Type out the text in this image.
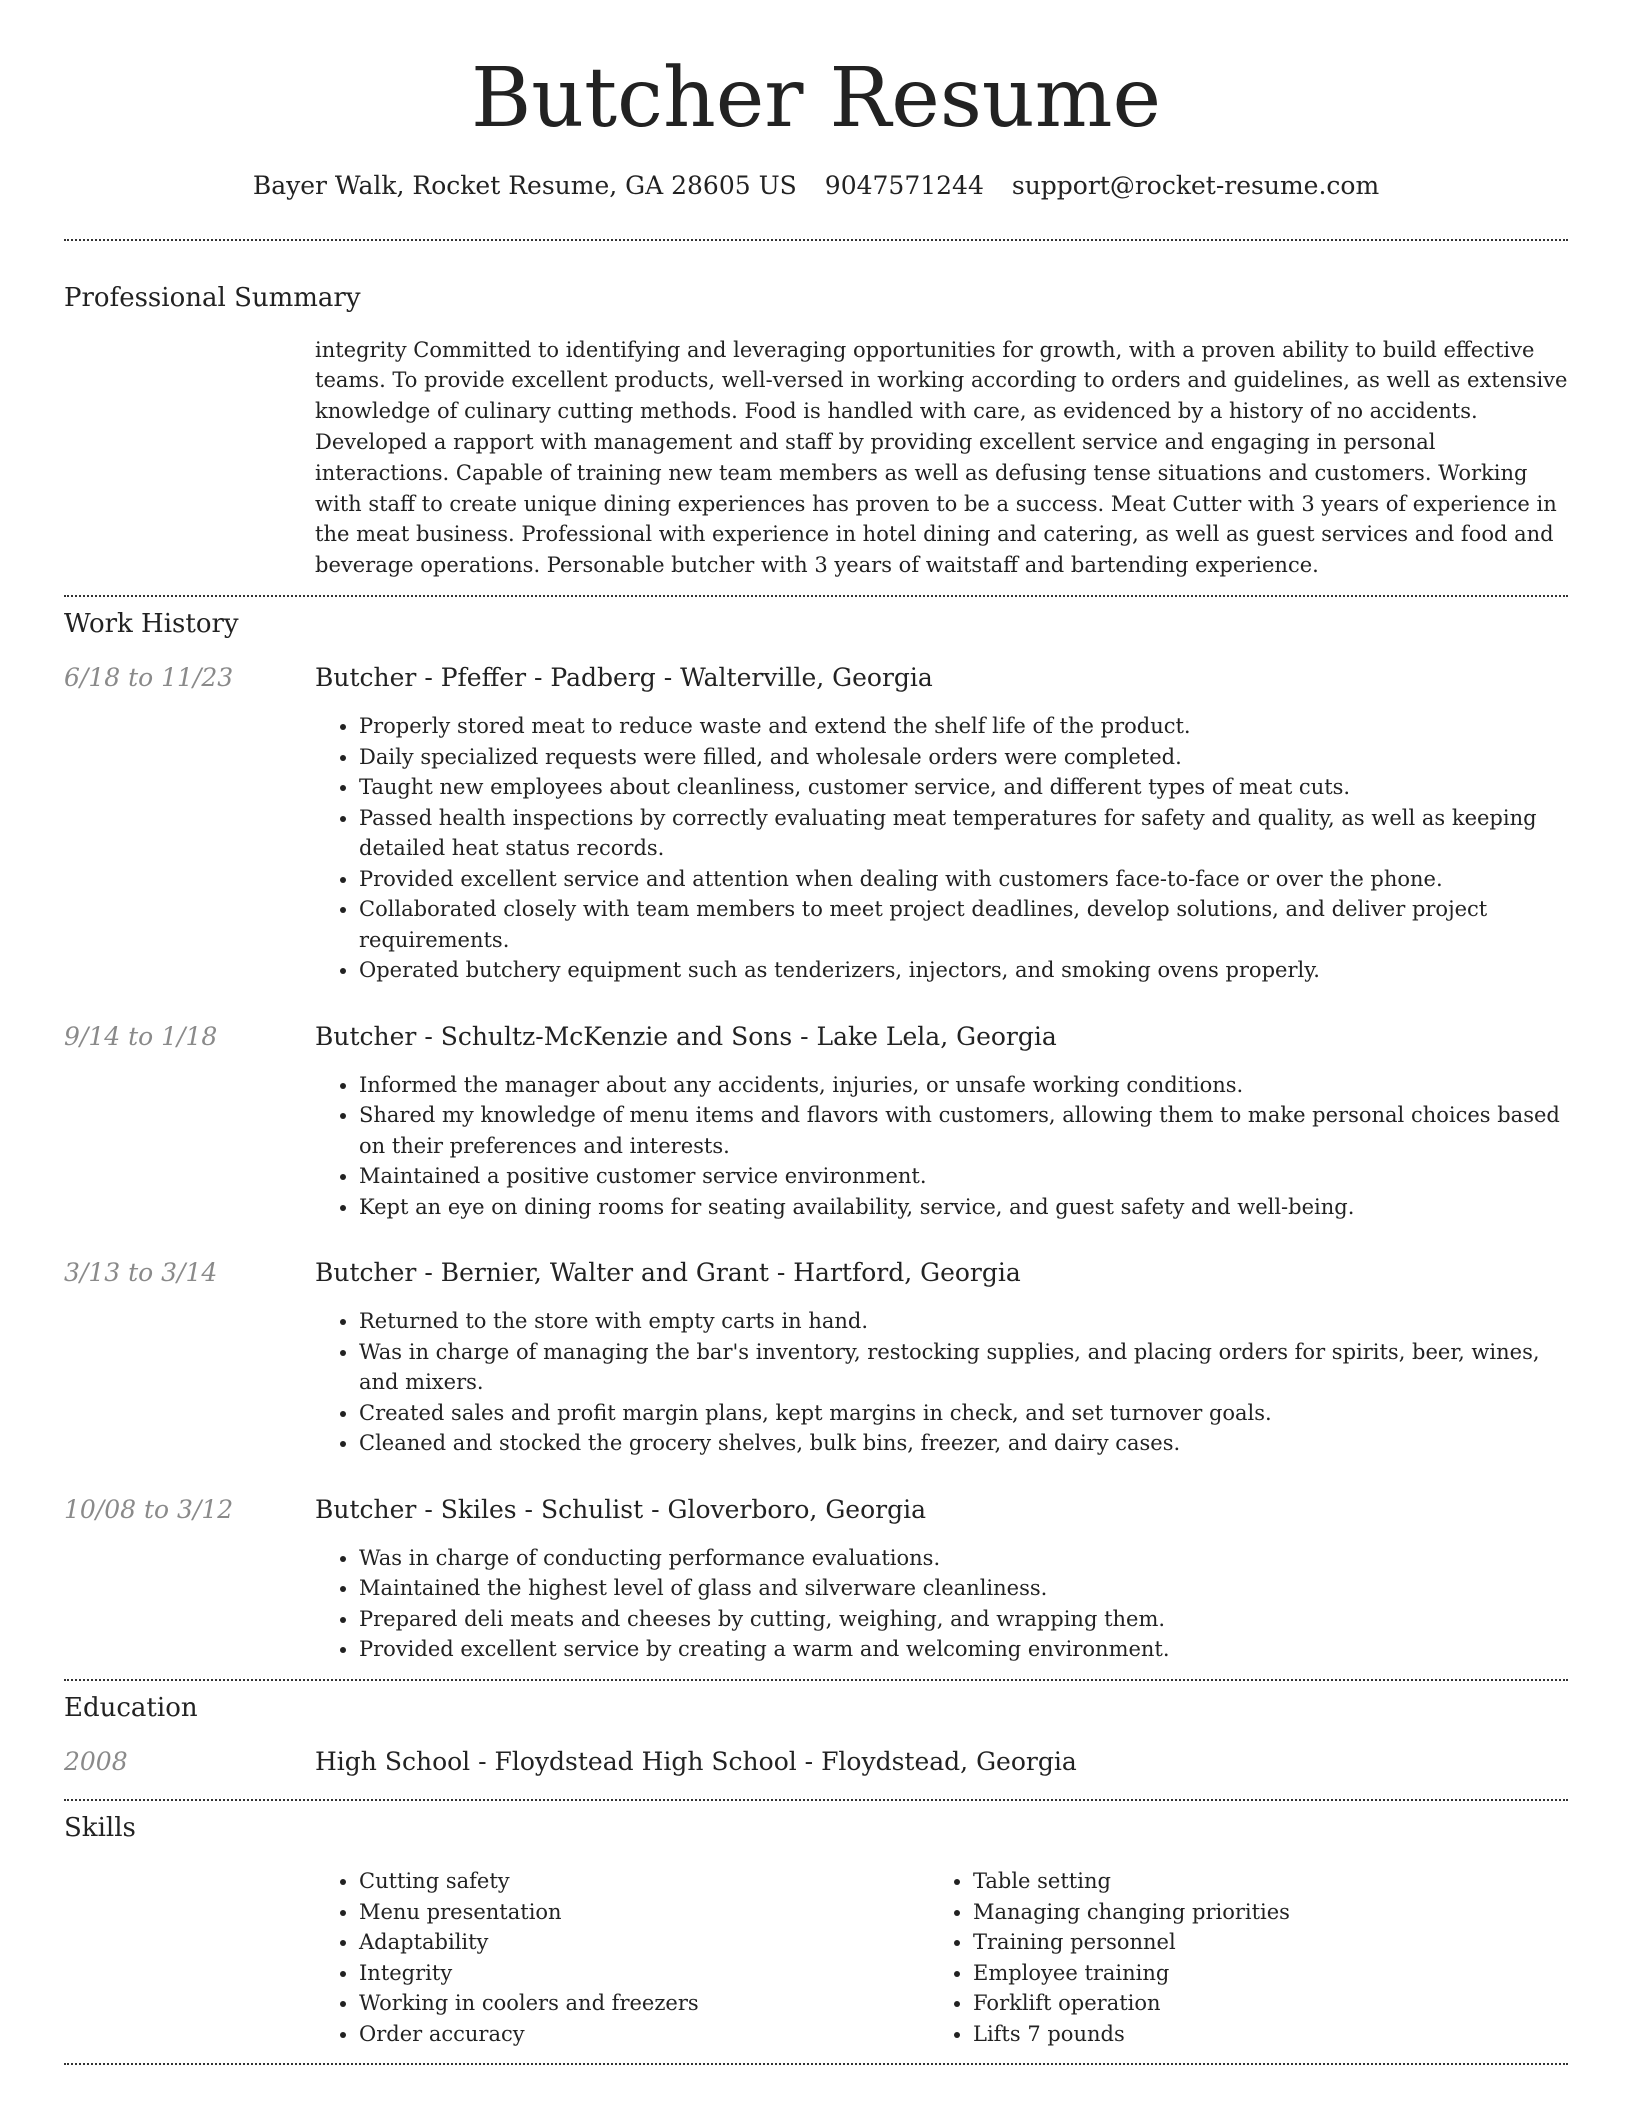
Butcher Resume
Bayer Walk, Rocket Resume, GA 28605 US 9047571244 support@rocket-resume.com
Professional Summary
integrity Committed to identifying and leveraging opportunities for growth, with a proven ability to build effective teams. To provide excellent products, well-versed in working according to orders and guidelines, as well as extensive knowledge of culinary cutting methods. Food is handled with care, as evidenced by a history of no accidents. Developed a rapport with management and staff by providing excellent service and engaging in personal interactions. Capable of training new team members as well as defusing tense situations and customers. Working with staff to create unique dining experiences has proven to be a success. Meat Cutter with 3 years of experience in the meat business. Professional with experience in hotel dining and catering, as well as guest services and food and beverage operations. Personable butcher with 3 years of waitstaff and bartending experience.
Work History
6/18 to 11/23	Butcher - Pfeffer - Padberg - Walterville, Georgia
• Properly stored meat to reduce waste and extend the shelf life of the product.
• Daily specialized requests were filled, and wholesale orders were completed.
• Taught new employees about cleanliness, customer service, and different types of meat cuts.
• Passed health inspections by correctly evaluating meat temperatures for safety and quality, as well as keeping detailed heat status records.
• Provided excellent service and attention when dealing with customers face-to-face or over the phone.
• Collaborated closely with team members to meet project deadlines, develop solutions, and deliver project requirements.
• Operated butchery equipment such as tenderizers, injectors, and smoking ovens properly.
9/14 to 1/18	Butcher - Schultz-McKenzie and Sons - Lake Lela, Georgia
• Informed the manager about any accidents, injuries, or unsafe working conditions.
• Shared my knowledge of menu items and flavors with customers, allowing them to make personal choices based on their preferences and interests.
• Maintained a positive customer service environment.
• Kept an eye on dining rooms for seating availability, service, and guest safety and well-being.
3/13 to 3/14	Butcher - Bernier, Walter and Grant - Hartford, Georgia
• Returned to the store with empty carts in hand.
• Was in charge of managing the bar's inventory, restocking supplies, and placing orders for spirits, beer, wines, and mixers.
• Created sales and profit margin plans, kept margins in check, and set turnover goals.
• Cleaned and stocked the grocery shelves, bulk bins, freezer, and dairy cases.
10/08 to 3/12	Butcher - Skiles - Schulist - Gloverboro, Georgia
• Was in charge of conducting performance evaluations.
• Maintained the highest level of glass and silverware cleanliness.
• Prepared deli meats and cheeses by cutting, weighing, and wrapping them.
• Provided excellent service by creating a warm and welcoming environment.
Education
2008	High School - Floydstead High School - Floydstead, Georgia
Skills
• Cutting safety
• Menu presentation
• Adaptability
• Integrity
• Working in coolers and freezers
• Order accuracy
• Table setting
• Managing changing priorities
• Training personnel
• Employee training
• Forklift operation
• Lifts 7 pounds
